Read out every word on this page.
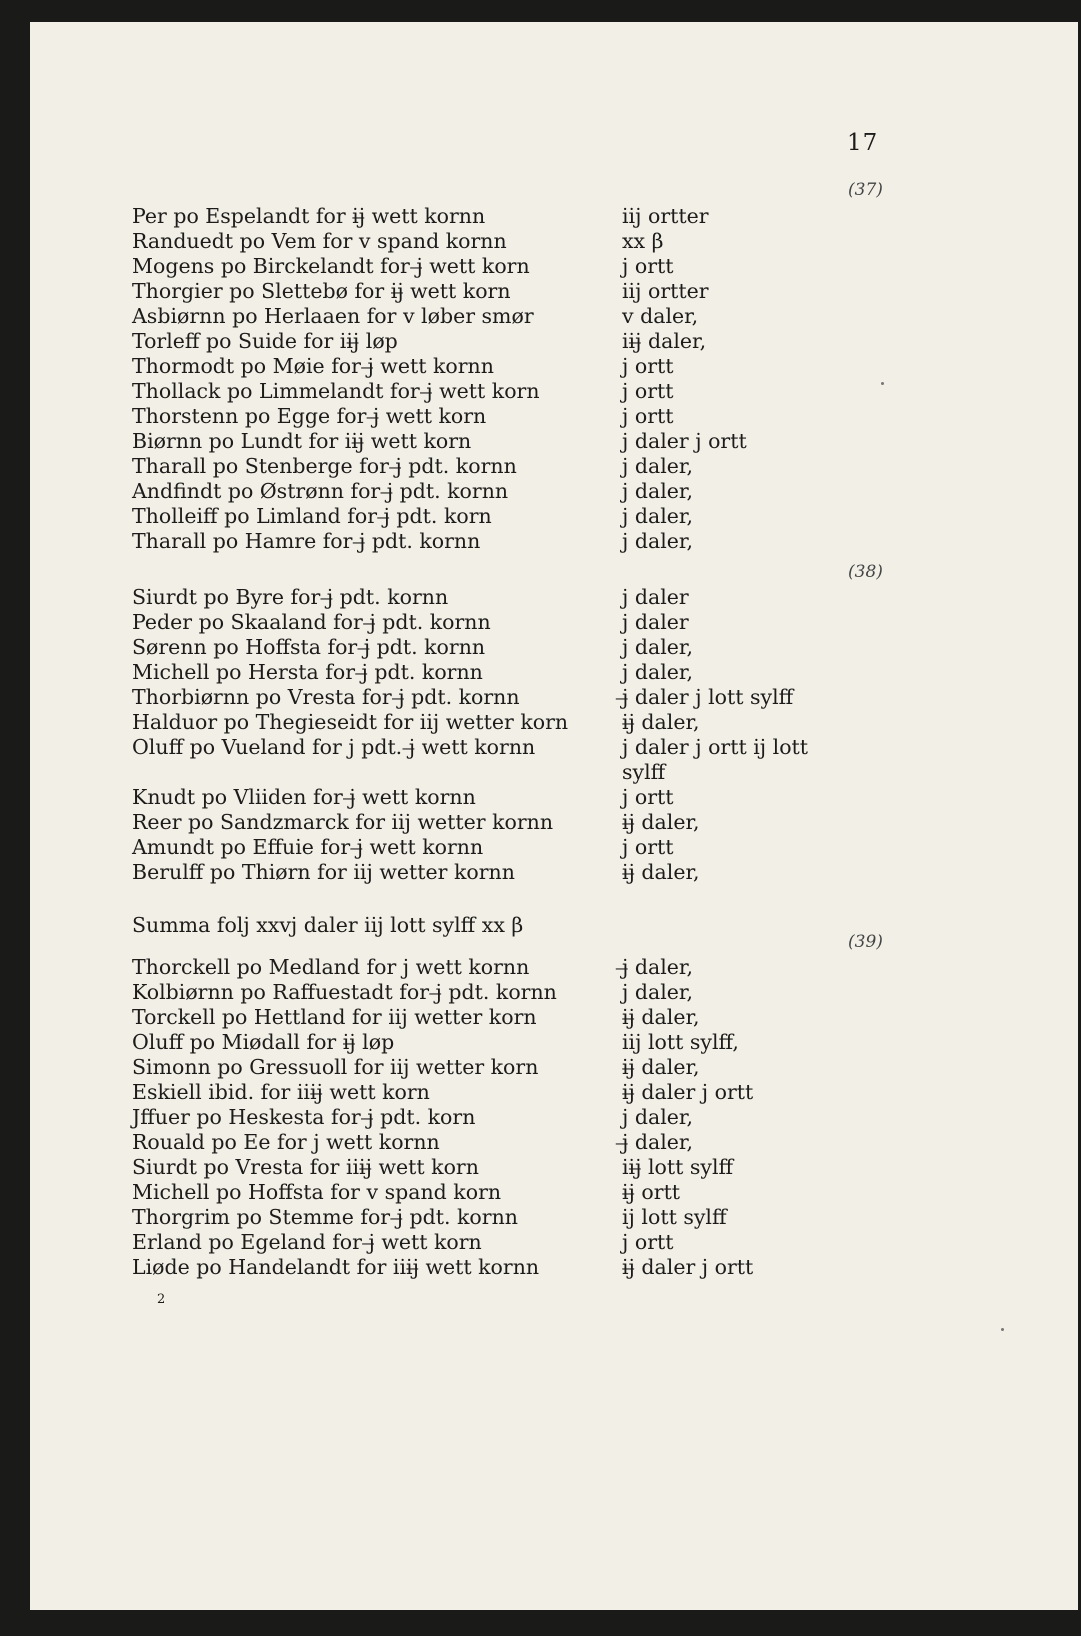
17
(37)
(38)
(39)
Per po Espelandt for ij̶ wett kornn	iij ortter
Randuedt po Vem for v spand kornn	xx β
Mogens po Birckelandt for j̶ wett korn	j ortt
Thorgier po Slettebø for ij̶ wett korn	iij ortter
Asbiørnn po Herlaaen for v løber smør	v daler,
Torleff po Suide for iij̶ løp	iij̶ daler,
Thormodt po Møie for j̶ wett kornn	j ortt
Thollack po Limmelandt for j̶ wett korn	j ortt
Thorstenn po Egge for j̶ wett korn	j ortt
Biørnn po Lundt for iij̶ wett korn	j daler j ortt
Tharall po Stenberge for j̶ pdt. kornn	j daler,
Andfindt po Østrønn for j̶ pdt. kornn	j daler,
Tholleiff po Limland for j̶ pdt. korn	j daler,
Tharall po Hamre for j̶ pdt. kornn	j daler,
Siurdt po Byre for j̶ pdt. kornn	j daler
Peder po Skaaland for j̶ pdt. kornn	j daler
Sørenn po Hoffsta for j̶ pdt. kornn	j daler,
Michell po Hersta for j̶ pdt. kornn	j daler,
Thorbiørnn po Vresta for j̶ pdt. kornn	j̶ daler j lott sylff
Halduor po Thegieseidt for iij wetter korn	ij̶ daler,
Oluff po Vueland for j pdt. j̶ wett kornn	j daler j ortt ij lott
sylff
Knudt po Vliiden for j̶ wett kornn	j ortt
Reer po Sandzmarck for iij wetter kornn	ij̶ daler,
Amundt po Effuie for j̶ wett kornn	j ortt
Berulff po Thiørn for iij wetter kornn	ij̶ daler,
Summa folj xxvj daler iij lott sylff xx β
Thorckell po Medland for j wett kornn	j̶ daler,
Kolbiørnn po Raffuestadt for j̶ pdt. kornn	j daler,
Torckell po Hettland for iij wetter korn	ij̶ daler,
Oluff po Miødall for ij̶ løp	iij lott sylff,
Simonn po Gressuoll for iij wetter korn	ij̶ daler,
Eskiell ibid. for iiij̶ wett korn	ij̶ daler j ortt
Jffuer po Heskesta for j̶ pdt. korn	j daler,
Rouald po Ee for j wett kornn	j̶ daler,
Siurdt po Vresta for iiij̶ wett korn	iij̶ lott sylff
Michell po Hoffsta for v spand korn	ij̶ ortt
Thorgrim po Stemme for j̶ pdt. kornn	ij lott sylff
Erland po Egeland for j̶ wett korn	j ortt
Liøde po Handelandt for iiij̶ wett kornn	ij̶ daler j ortt
2
